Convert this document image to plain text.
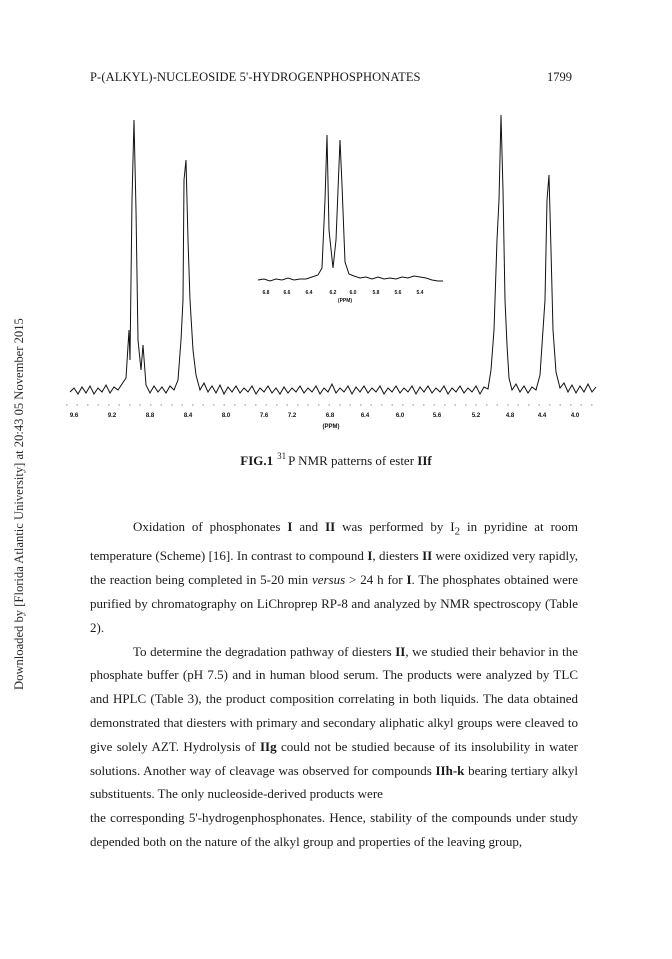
Downloaded by [Florida Atlantic University] at 20:43 05 November 2015
P-(ALKYL)-NUCLEOSIDE 5'-HYDROGENPHOSPHONATES	1799
9.6	9.2	8.8	8.4	8.0	7.6	7.2	6.8	6.4	6.0	5.6	5.2	4.8	4.4	4.0
(PPM)
6.8	6.6	6.4	6.2	6.0	5.8	5.6	5.4
(PPM)
FIG.1 $^{31}$ P NMR patterns of ester IIf

Oxidation of phosphonates I and II was performed by $I_2$ in pyridine at room temperature (Scheme) [16]. In contrast to compound I, diesters II were oxidized very rapidly, the reaction being completed in 5-20 min versus > 24 h for I. The phosphates obtained were purified by chromatography on LiChroprep RP-8 and analyzed by NMR spectroscopy (Table 2).

To determine the degradation pathway of diesters II, we studied their behavior in the phosphate buffer (pH 7.5) and in human blood serum. The products were analyzed by TLC and HPLC (Table 3), the product composition correlating in both liquids. The data obtained demonstrated that diesters with primary and secondary aliphatic alkyl groups were cleaved to give solely AZT. Hydrolysis of IIg could not be studied because of its insolubility in water solutions. Another way of cleavage was observed for compounds IIh-k bearing tertiary alkyl substituents. The only nucleoside-derived products were

the corresponding 5'-hydrogenphosphonates. Hence, stability of the compounds under study depended both on the nature of the alkyl group and properties of the leaving group,
